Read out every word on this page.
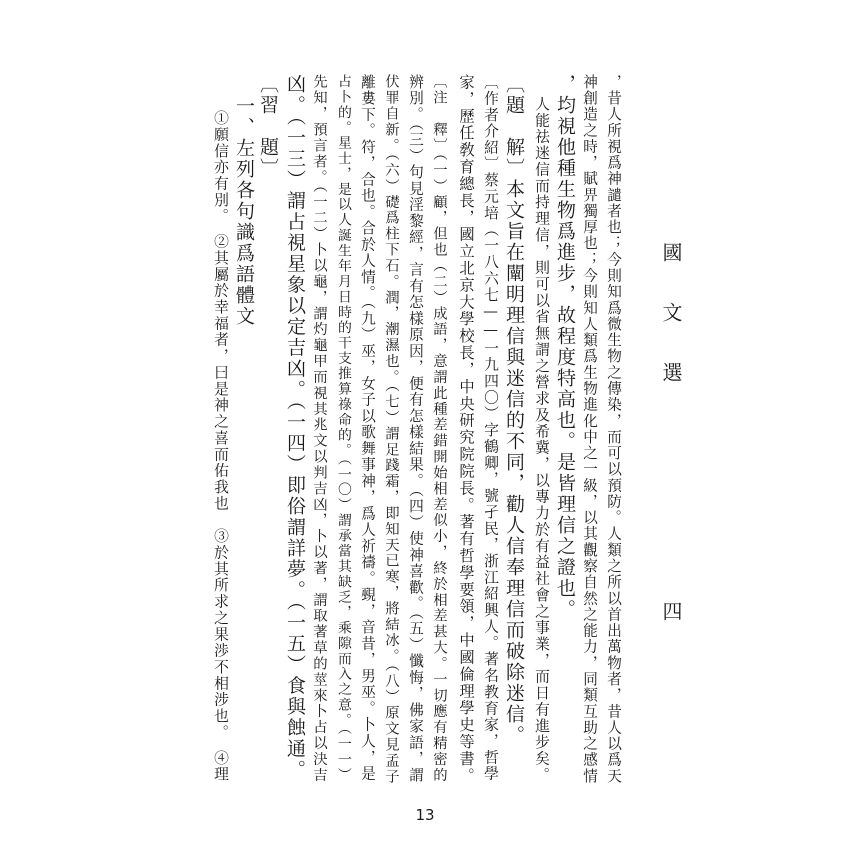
國 文 選
四
，昔人所視爲神譴者也；今則知爲微生物之傳染，而可以預防。人類之所以首出萬物者，昔人以爲天
神創造之時，賦畀獨厚也；今則知人類爲生物進化中之一級，以其觀察自然之能力，同類互助之感情
，均視他種生物爲進步，故程度特高也。是皆理信之證也。
人能祛迷信而持理信，則可以省無謂之營求及希冀，以專力於有益社會之事業，而日有進步矣。
〔題　解〕本文旨在闡明理信與迷信的不同，勸人信奉理信而破除迷信。
〔作者介紹〕蔡元培（一八六七——一九四〇）字鶴卿，號孑民，浙江紹興人。著名教育家，哲學
家，歷任敎育總長，國立北京大學校長，中央研究院院長。著有哲學要領，中國倫理學史等書。
〔注　釋〕（一）顧，但也（二）成語，意謂此種差錯開始相差似小，終於相差甚大。一切應有精密的
辨別。（三）句見淫黎經，言有怎樣原因，便有怎樣結果。（四）使神喜歡。（五）懺悔，佛家語，謂
伏罪自新。（六）礎爲柱下石。潤，潮濕也。（七）謂足踐霜，即知天已寒，將結冰。（八）原文見孟子
離婁下。符，合也。合於人情。（九）巫，女子以歌舞事神，爲人祈禱。覡，音昔，男巫。卜人，是
占卜的。星士，是以人誕生年月日時的干支推算祿命的。（一〇）謂承當其缺乏，乘隙而入之意。（一一）
先知，預言者。（一二）卜以龜，謂灼龜甲而視其兆文以判吉凶，卜以著，謂取著草的莖來卜占以決吉
凶。（一三）謂占視星象以定吉凶。（一四）即俗謂詳夢。（一五）食與蝕通。
〔習　題〕
一、左列各句識爲語體文
①願信亦有別。　②其屬於幸福者，曰是神之喜而佑我也　③於其所求之果渉不相涉也。　④理
13
